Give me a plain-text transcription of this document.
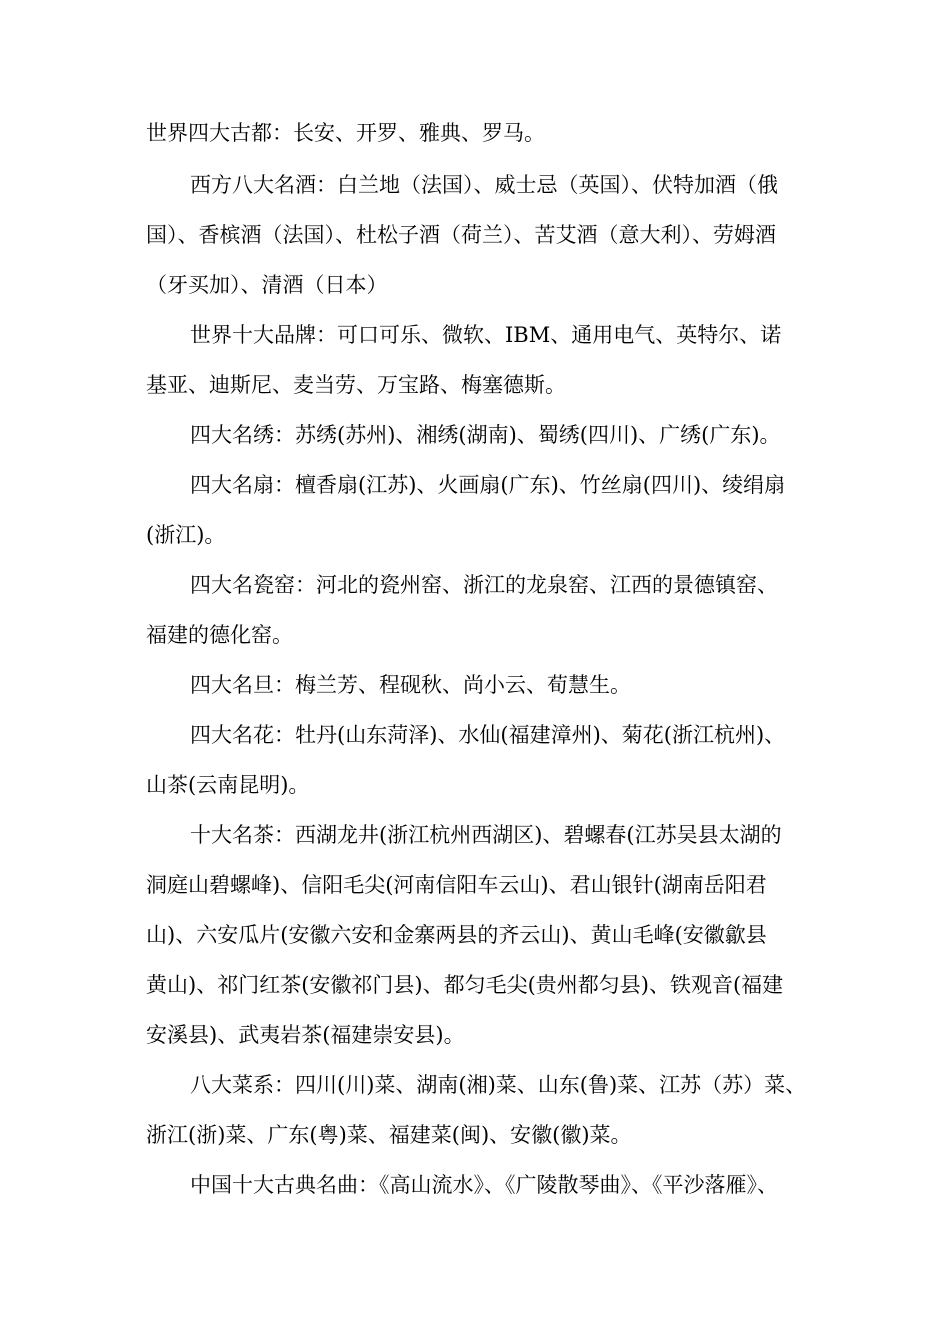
世界四大古都：长安、开罗、雅典、罗马。
西方八大名酒：白兰地（法国）、威士忌（英国）、伏特加酒（俄
国）、香槟酒（法国）、杜松子酒（荷兰）、苦艾酒（意大利）、劳姆酒
（牙买加）、清酒（日本）
世界十大品牌：可口可乐、微软、IBM、通用电气、英特尔、诺
基亚、迪斯尼、麦当劳、万宝路、梅塞德斯。
四大名绣：苏绣(苏州)、湘绣(湖南)、蜀绣(四川)、广绣(广东)。
四大名扇：檀香扇(江苏)、火画扇(广东)、竹丝扇(四川)、绫绢扇
(浙江)。
四大名瓷窑：河北的瓷州窑、浙江的龙泉窑、江西的景德镇窑、
福建的德化窑。
四大名旦：梅兰芳、程砚秋、尚小云、荀慧生。
四大名花：牡丹(山东菏泽)、水仙(福建漳州)、菊花(浙江杭州)、
山茶(云南昆明)。
十大名茶：西湖龙井(浙江杭州西湖区)、碧螺春(江苏吴县太湖的
洞庭山碧螺峰)、信阳毛尖(河南信阳车云山)、君山银针(湖南岳阳君
山)、六安瓜片(安徽六安和金寨两县的齐云山)、黄山毛峰(安徽歙县
黄山)、祁门红茶(安徽祁门县)、都匀毛尖(贵州都匀县)、铁观音(福建
安溪县)、武夷岩茶(福建崇安县)。
八大菜系：四川(川)菜、湖南(湘)菜、山东(鲁)菜、江苏（苏）菜、
浙江(浙)菜、广东(粤)菜、福建菜(闽)、安徽(徽)菜。
中国十大古典名曲：《高山流水》、《广陵散琴曲》、《平沙落雁》、
